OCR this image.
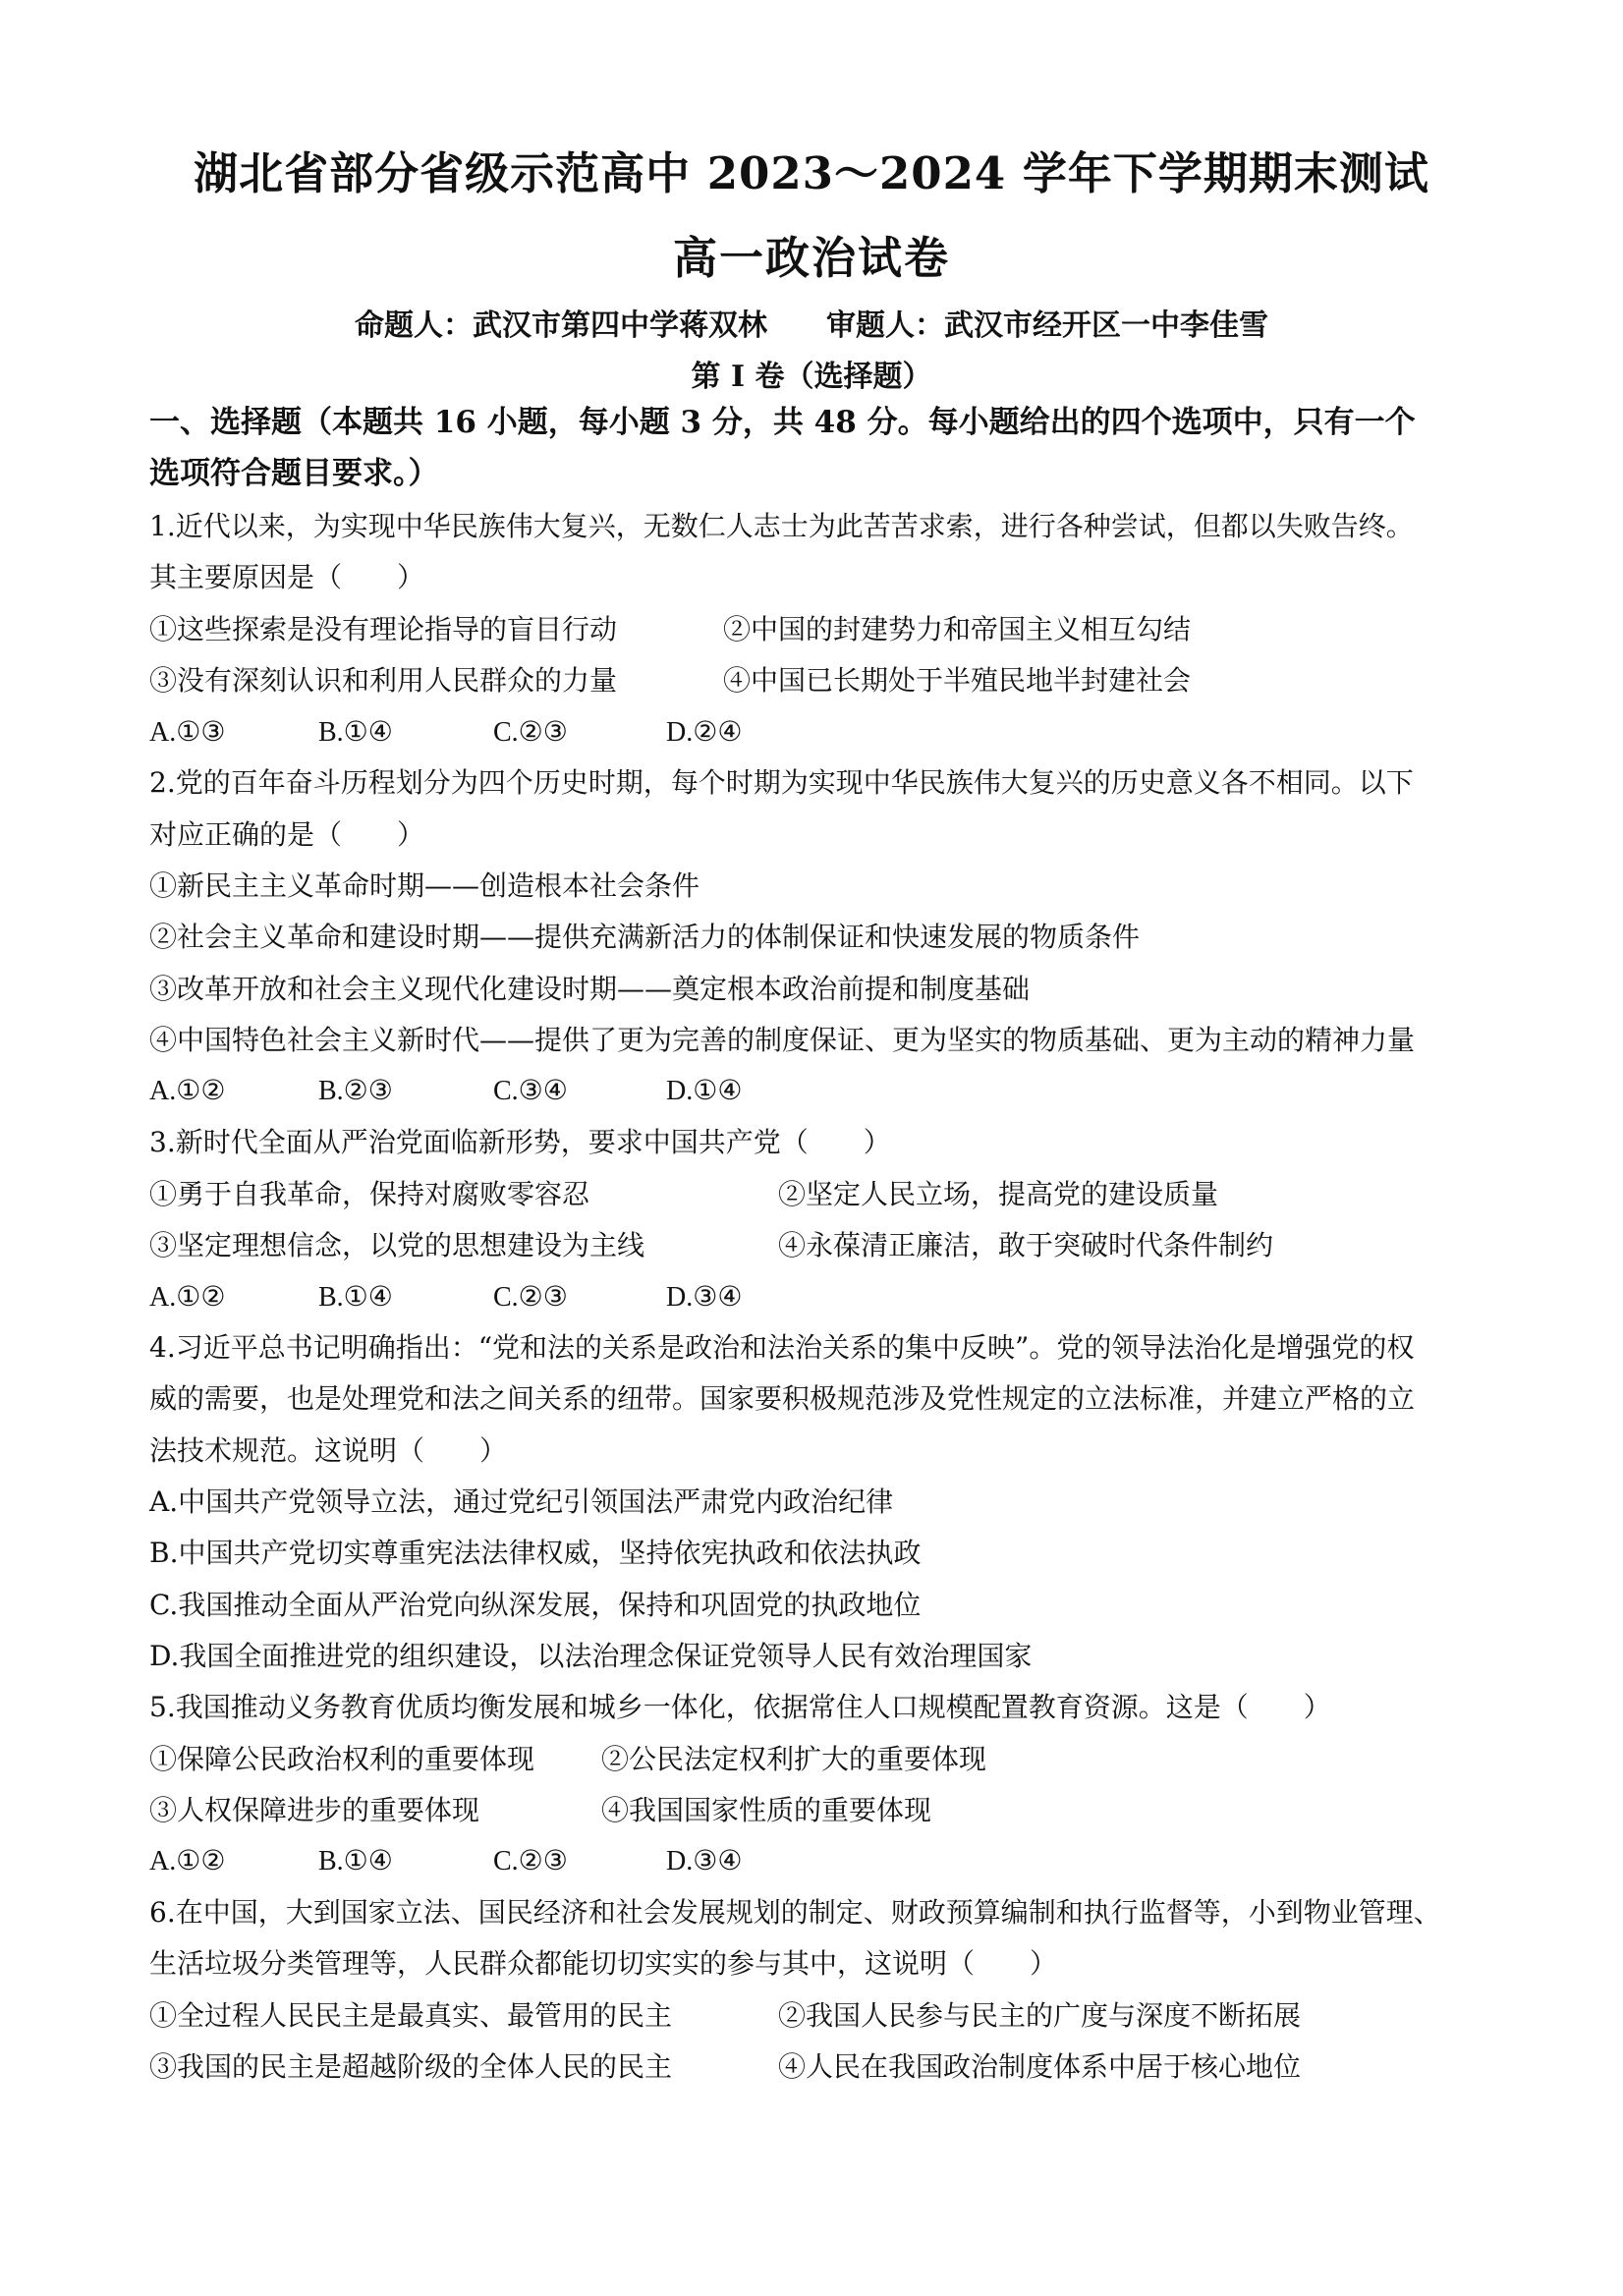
湖北省部分省级示范高中 2023～2024 学年下学期期末测试
高一政治试卷
命题人：武汉市第四中学蒋双林 审题人：武汉市经开区一中李佳雪
第 I 卷（选择题）
一、选择题（本题共 16 小题，每小题 3 分，共 48 分。每小题给出的四个选项中，只有一个
选项符合题目要求。）
1.近代以来，为实现中华民族伟大复兴，无数仁人志士为此苦苦求索，进行各种尝试，但都以失败告终。
其主要原因是（　　）
①这些探索是没有理论指导的盲目行动	②中国的封建势力和帝国主义相互勾结
③没有深刻认识和利用人民群众的力量	④中国已长期处于半殖民地半封建社会
A.①③	B.①④	C.②③	D.②④
2.党的百年奋斗历程划分为四个历史时期，每个时期为实现中华民族伟大复兴的历史意义各不相同。以下
对应正确的是（　　）
①新民主主义革命时期——创造根本社会条件
②社会主义革命和建设时期——提供充满新活力的体制保证和快速发展的物质条件
③改革开放和社会主义现代化建设时期——奠定根本政治前提和制度基础
④中国特色社会主义新时代——提供了更为完善的制度保证、更为坚实的物质基础、更为主动的精神力量
A.①②	B.②③	C.③④	D.①④
3.新时代全面从严治党面临新形势，要求中国共产党（　　）
①勇于自我革命，保持对腐败零容忍	②坚定人民立场，提高党的建设质量
③坚定理想信念，以党的思想建设为主线	④永葆清正廉洁，敢于突破时代条件制约
A.①②	B.①④	C.②③	D.③④
4.习近平总书记明确指出：“党和法的关系是政治和法治关系的集中反映”。党的领导法治化是增强党的权
威的需要，也是处理党和法之间关系的纽带。国家要积极规范涉及党性规定的立法标准，并建立严格的立
法技术规范。这说明（　　）
A.中国共产党领导立法，通过党纪引领国法严肃党内政治纪律
B.中国共产党切实尊重宪法法律权威，坚持依宪执政和依法执政
C.我国推动全面从严治党向纵深发展，保持和巩固党的执政地位
D.我国全面推进党的组织建设，以法治理念保证党领导人民有效治理国家
5.我国推动义务教育优质均衡发展和城乡一体化，依据常住人口规模配置教育资源。这是（　　）
①保障公民政治权利的重要体现 ②公民法定权利扩大的重要体现
③人权保障进步的重要体现	④我国国家性质的重要体现
A.①②	B.①④	C.②③	D.③④
6.在中国，大到国家立法、国民经济和社会发展规划的制定、财政预算编制和执行监督等，小到物业管理、
生活垃圾分类管理等，人民群众都能切切实实的参与其中，这说明（　　）
①全过程人民民主是最真实、最管用的民主	②我国人民参与民主的广度与深度不断拓展
③我国的民主是超越阶级的全体人民的民主	④人民在我国政治制度体系中居于核心地位
